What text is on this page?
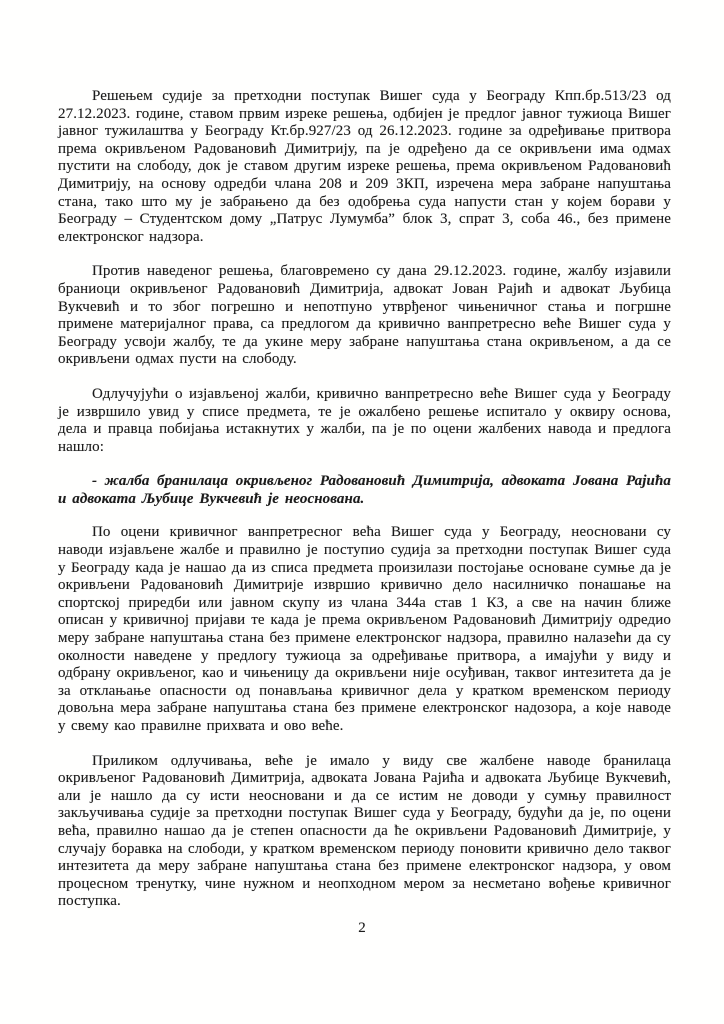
Решењем судије за претходни поступак Вишег суда у Београду Кпп.бр.513/23 од 27.12.2023. године, ставом првим изреке решења, одбијен је предлог јавног тужиоца Вишег јавног тужилаштва у Београду Кт.бр.927/23 од 26.12.2023. године за одређивање притвора према окривљеном Радовановић Димитрију, па је одређено да се окривљени има одмах пустити на слободу, док је ставом другим изреке решења, према окривљеном Радовановић Димитрију, на основу одредби члана 208 и 209 ЗКП, изречена мера забране напуштања стана, тако што му је забрањено да без одобрења суда напусти стан у којем борави у Београду – Студентском дому „Патрус Лумумба” блок 3, спрат 3, соба 46., без примене електронског надзора.

Против наведеног решења, благовремено су дана 29.12.2023. године, жалбу изјавили браниоци окривљеног Радовановић Димитрија, адвокат Јован Рајић и адвокат Љубица Вукчевић и то због погрешно и непотпуно утврђеног чињеничног стања и погршне примене материјалног права, са предлогом да кривично ванпретресно веће Вишег суда у Београду усвоји жалбу, те да укине меру забране напуштања стана окривљеном, а да се окривљени одмах пусти на слободу.

Одлучујући о изјављеној жалби, кривично ванпретресно веће Вишег суда у Београду је извршило увид у списе предмета, те је ожалбено решење испитало у оквиру основа, дела и правца побијања истакнутих у жалби, па је по оцени жалбених навода и предлога нашло:

- жалба бранилаца окривљеног Радовановић Димитрија, адвоката Јована Рајића и адвоката Љубице Вукчевић је неоснована.

По оцени кривичног ванпретресног већа Вишег суда у Београду, неосновани су наводи изјављене жалбе и правилно је поступио судија за претходни поступак Вишег суда у Београду када је нашао да из списа предмета произилази постојање основане сумње да је окривљени Радовановић Димитрије извршио кривично дело насилничко понашање на спортској приредби или јавном скупу из члана 344а став 1 КЗ, а све на начин ближе описан у кривичној пријави те када је према окривљеном Радовановић Димитрију одредио меру забране напуштања стана без примене електронског надзора, правилно налазећи да су околности наведене у предлогу тужиоца за одређивање притвора, а имајући у виду и одбрану окривљеног, као и чињеницу да окривљени није осуђиван, таквог интезитета да је за отклањање опасности од понављања кривичног дела у кратком временском периоду довољна мера забране напуштања стана без примене електронског надозора, а које наводе у свему као правилне прихвата и ово веће.

Приликом одлучивања, веће је имало у виду све жалбене наводе бранилаца окривљеног Радовановић Димитрија, адвоката Јована Рајића и адвоката Љубице Вукчевић, али је нашло да су исти неосновани и да се истим не доводи у сумњу правилност закључивања судије за претходни поступак Вишег суда у Београду, будући да је, по оцени већа, правилно нашао да је степен опасности да ће окривљени Радовановић Димитрије, у случају боравка на слободи, у кратком временском периоду поновити кривично дело таквог интезитета да меру забране напуштања стана без примене електронског надзора, у овом процесном тренутку, чине нужном и неопходном мером за несметано вођење кривичног поступка.

2
